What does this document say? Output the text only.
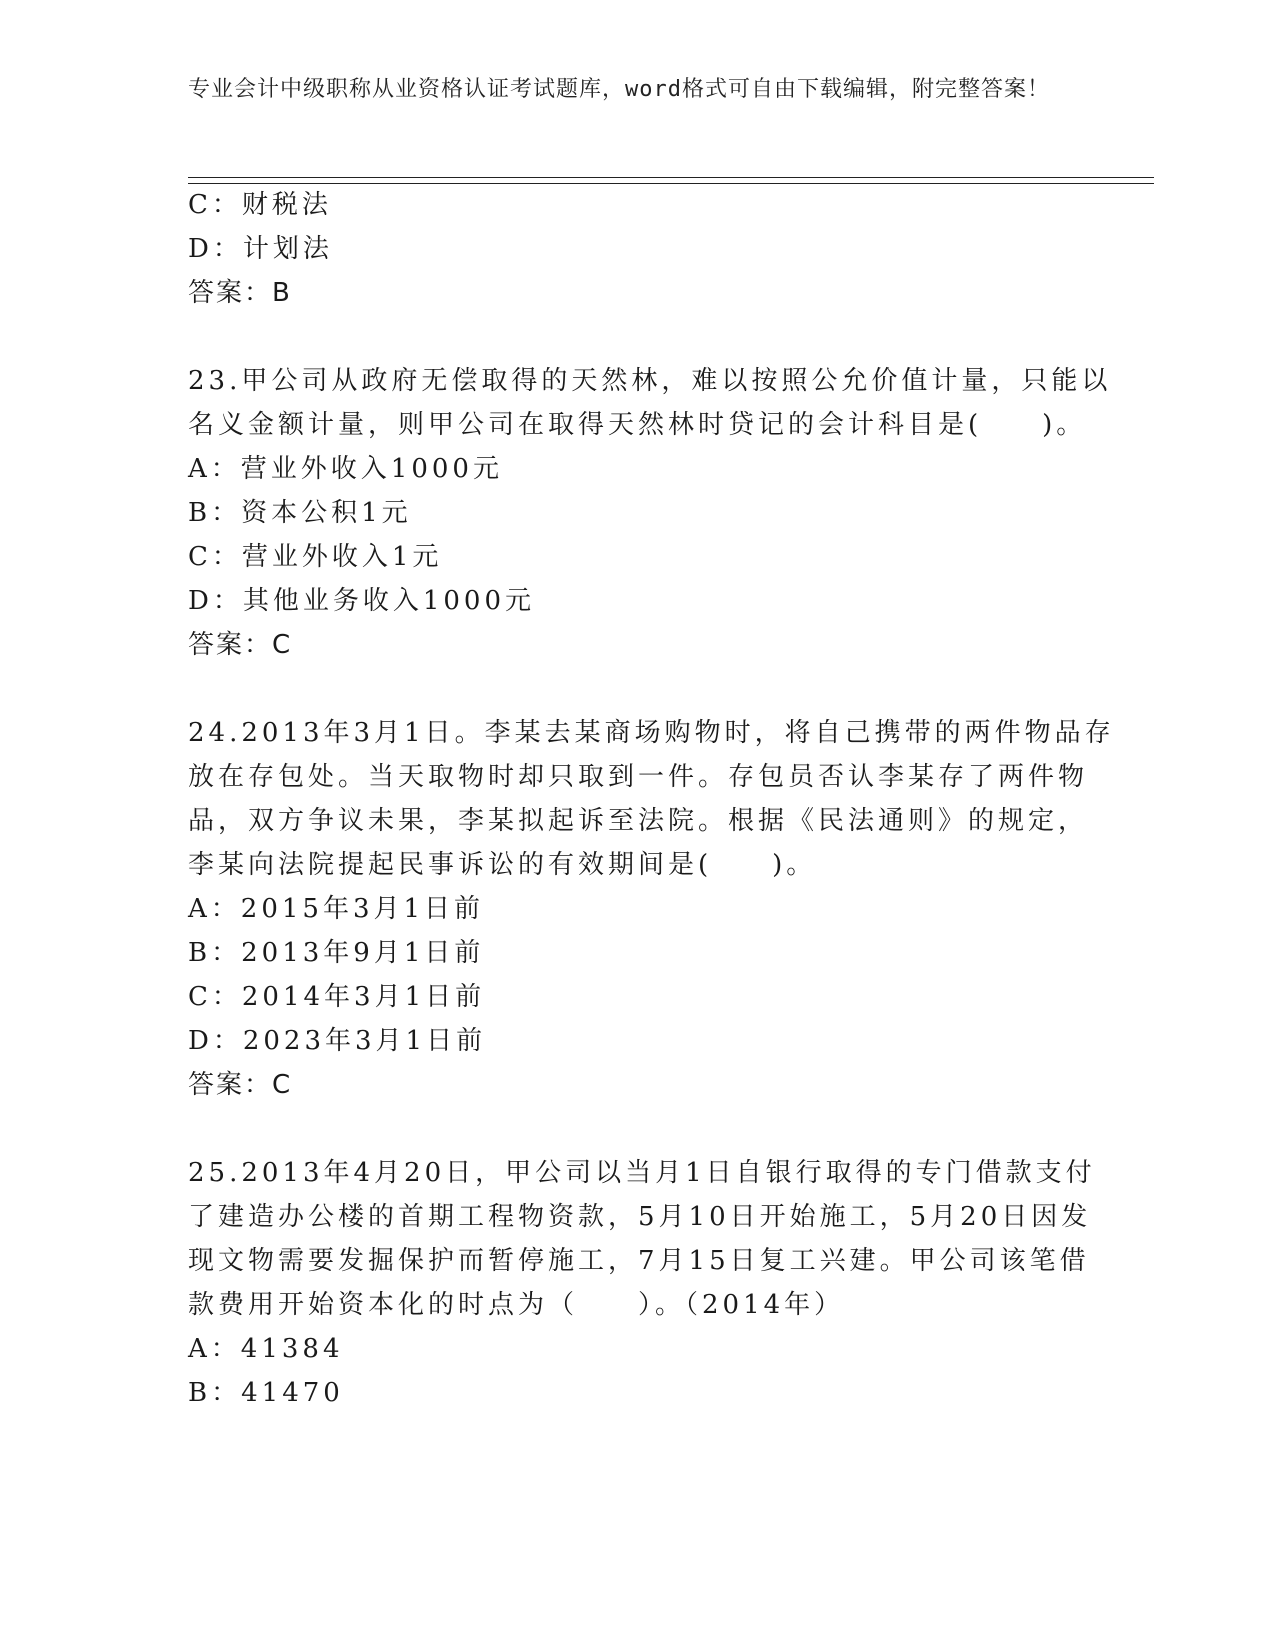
专业会计中级职称从业资格认证考试题库，word格式可自由下载编辑，附完整答案！
C：财税法
D：计划法
答案：B
23.甲公司从政府无偿取得的天然林，难以按照公允价值计量，只能以
名义金额计量，则甲公司在取得天然林时贷记的会计科目是(　　)。
A：营业外收入1000元
B：资本公积1元
C：营业外收入1元
D：其他业务收入1000元
答案：C
24.2013年3月1日。李某去某商场购物时，将自己携带的两件物品存
放在存包处。当天取物时却只取到一件。存包员否认李某存了两件物
品，双方争议未果，李某拟起诉至法院。根据《民法通则》的规定，
李某向法院提起民事诉讼的有效期间是(　　)。
A：2015年3月1日前
B：2013年9月1日前
C：2014年3月1日前
D：2023年3月1日前
答案：C
25.2013年4月20日，甲公司以当月1日自银行取得的专门借款支付
了建造办公楼的首期工程物资款，5月10日开始施工，5月20日因发
现文物需要发掘保护而暂停施工，7月15日复工兴建。甲公司该笔借
款费用开始资本化的时点为（　　）。（2014年）
A：41384
B：41470
